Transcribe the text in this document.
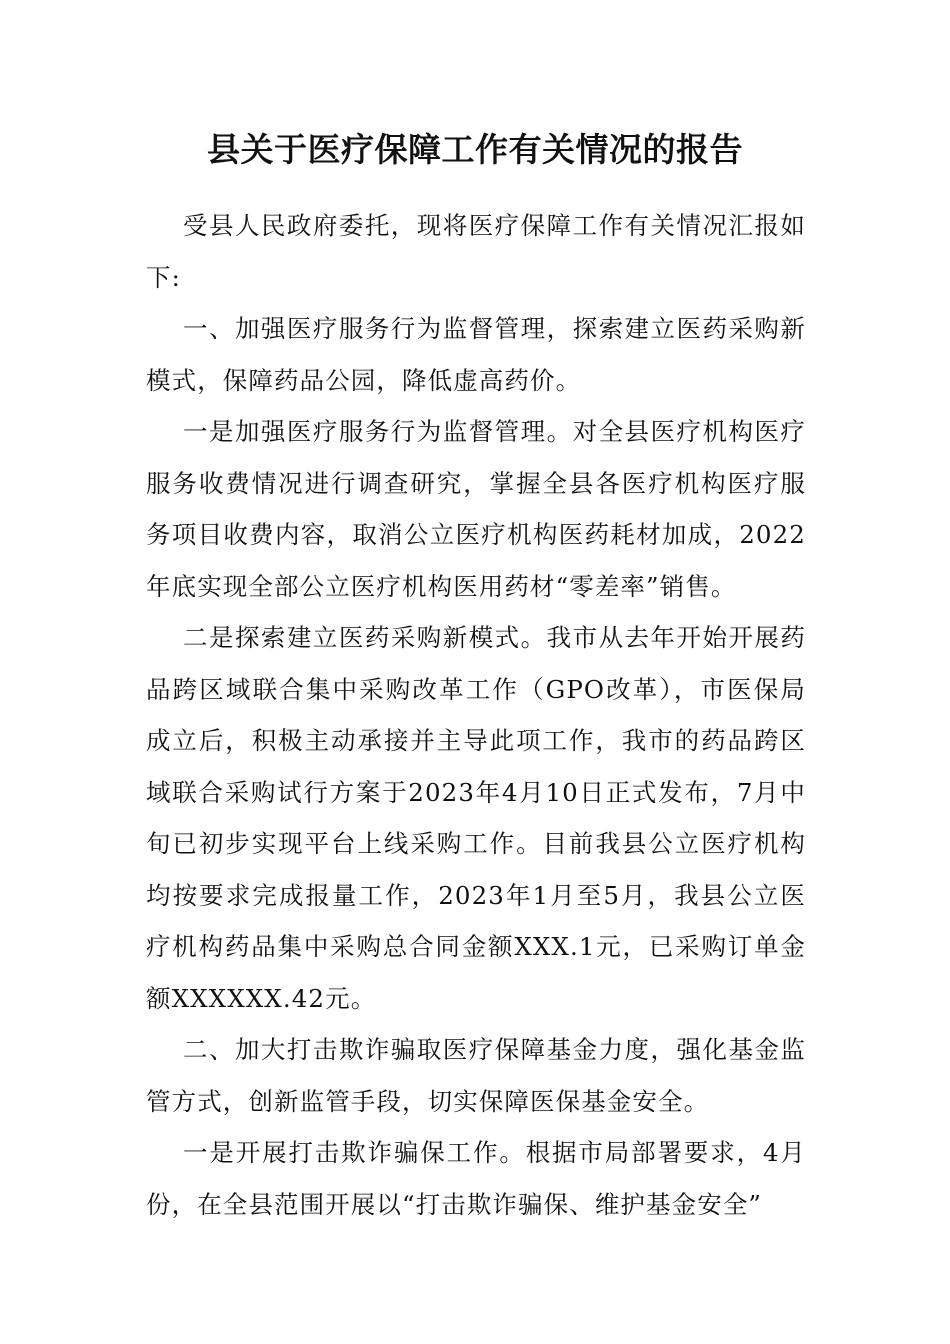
县关于医疗保障工作有关情况的报告

受县人民政府委托，现将医疗保障工作有关情况汇报如下:

一、加强医疗服务行为监督管理，探索建立医药采购新模式，保障药品公园，降低虚高药价。

一是加强医疗服务行为监督管理。对全县医疗机构医疗服务收费情况进行调查研究，掌握全县各医疗机构医疗服务项目收费内容，取消公立医疗机构医药耗材加成，2022年底实现全部公立医疗机构医用药材“零差率”销售。

二是探索建立医药采购新模式。我市从去年开始开展药品跨区域联合集中采购改革工作（GPO改革），市医保局成立后，积极主动承接并主导此项工作，我市的药品跨区域联合采购试行方案于2023年4月10日正式发布，7月中旬已初步实现平台上线采购工作。目前我县公立医疗机构均按要求完成报量工作，2023年1月至5月，我县公立医疗机构药品集中采购总合同金额XXX.1元，已采购订单金额XXXXXX.42元。

二、加大打击欺诈骗取医疗保障基金力度，强化基金监管方式，创新监管手段，切实保障医保基金安全。

一是开展打击欺诈骗保工作。根据市局部署要求，4月份，在全县范围开展以“打击欺诈骗保、维护基金安全”
